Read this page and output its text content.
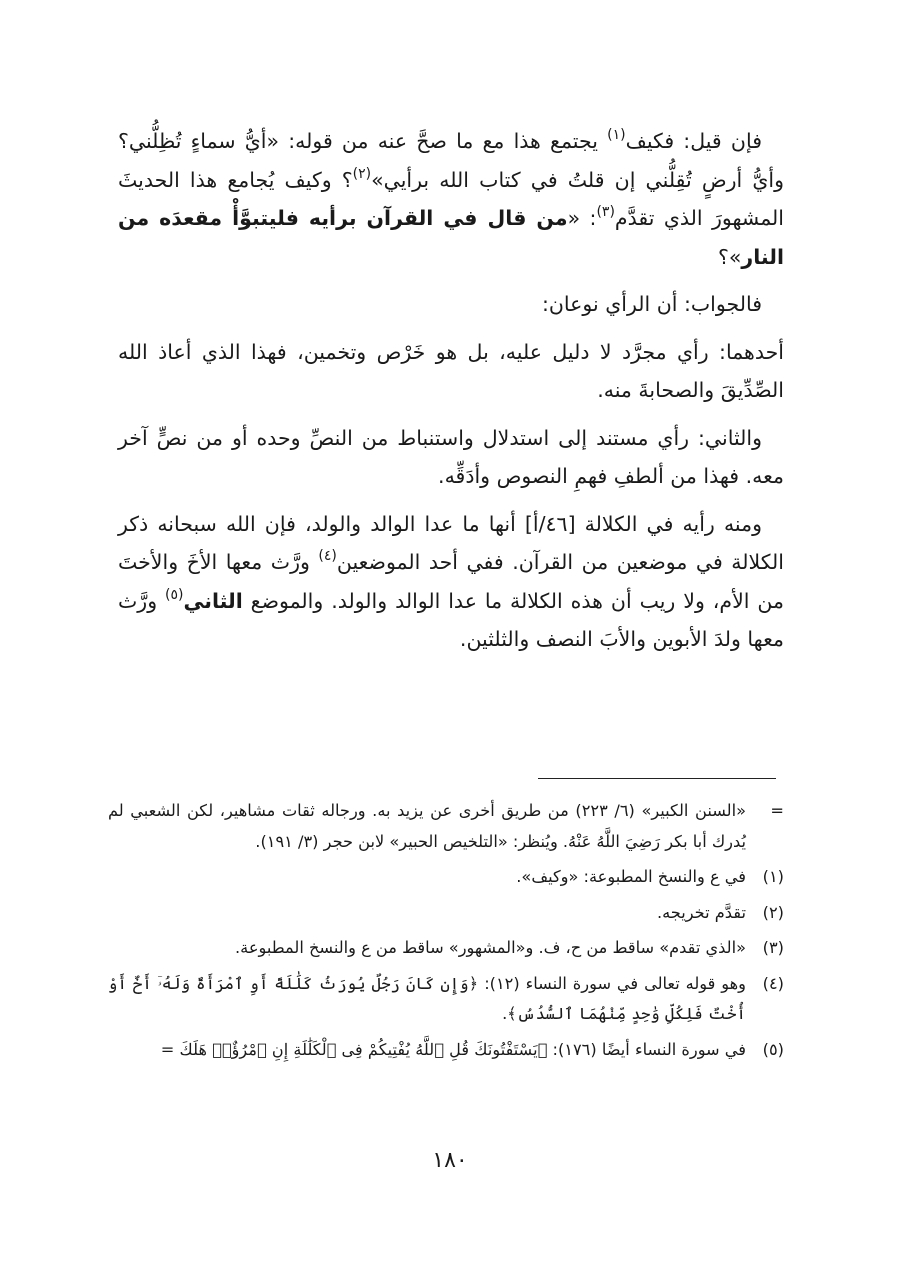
فإن قيل: فكيف$^{(١)}$ يجتمع هذا مع ما صحَّ عنه من قوله: «أيُّ سماءٍ تُظِلُّني؟ وأيُّ أرضٍ تُقِلُّني إن قلتُ في كتاب الله برأيي»$^{(٢)}$؟ وكيف يُجامع هذا الحديثَ المشهورَ الذي تقدَّم$^{(٣)}$: «من قال في القرآن برأيه فليتبوَّأْ مقعدَه من النار»؟

فالجواب: أن الرأي نوعان:

أحدهما: رأي مجرَّد لا دليل عليه، بل هو خَرْص وتخمين، فهذا الذي أعاذ الله الصِّدِّيقَ والصحابةَ منه.

والثاني: رأي مستند إلى استدلال واستنباط من النصِّ وحده أو من نصٍّ آخر معه. فهذا من ألطفِ فهمِ النصوص وأدَقِّه.

ومنه رأيه في الكلالة [٤٦/أ] أنها ما عدا الوالد والولد، فإن الله سبحانه ذكر الكلالة في موضعين من القرآن. ففي أحد الموضعين$^{(٤)}$ ورَّث معها الأخَ والأختَ من الأم، ولا ريب أن هذه الكلالة ما عدا الوالد والولد. والموضع الثاني$^{(٥)}$ ورَّث معها ولدَ الأبوين والأبَ النصف والثلثين.

=
«السنن الكبير» (٦/ ٢٢٣) من طريق أخرى عن يزيد به. ورجاله ثقات مشاهير، لكن الشعبي لم يُدرك أبا بكر رَضِيَ اللَّهُ عَنْهُ. ويُنظر: «التلخيص الحبير» لابن حجر (٣/ ١٩١).
(١)
في ع والنسخ المطبوعة: «وكيف».
(٢)
تقدَّم تخريجه.
(٣)
«الذي تقدم» ساقط من ح، ف. و«المشهور» ساقط من ع والنسخ المطبوعة.
(٤)
وهو قوله تعالى في سورة النساء (١٢): ﴿وَإِن كَانَ رَجُلٌ يُورَثُ كَلَٰلَةً أَوِ ٱمْرَأَةٌ وَلَهُۥٓ أَخٌ أَوْ أُخْتٌ فَلِكُلِّ وَٰحِدٍ مِّنْهُمَا ٱلسُّدُسُ﴾.
(٥)
في سورة النساء أيضًا (١٧٦): ﴿يَسْتَفْتُونَكَ قُلِ ٱللَّهُ يُفْتِيكُمْ فِى ٱلْكَلَٰلَةِ إِنِ ٱمْرُؤٌا۟ هَلَكَ =
١٨٠
